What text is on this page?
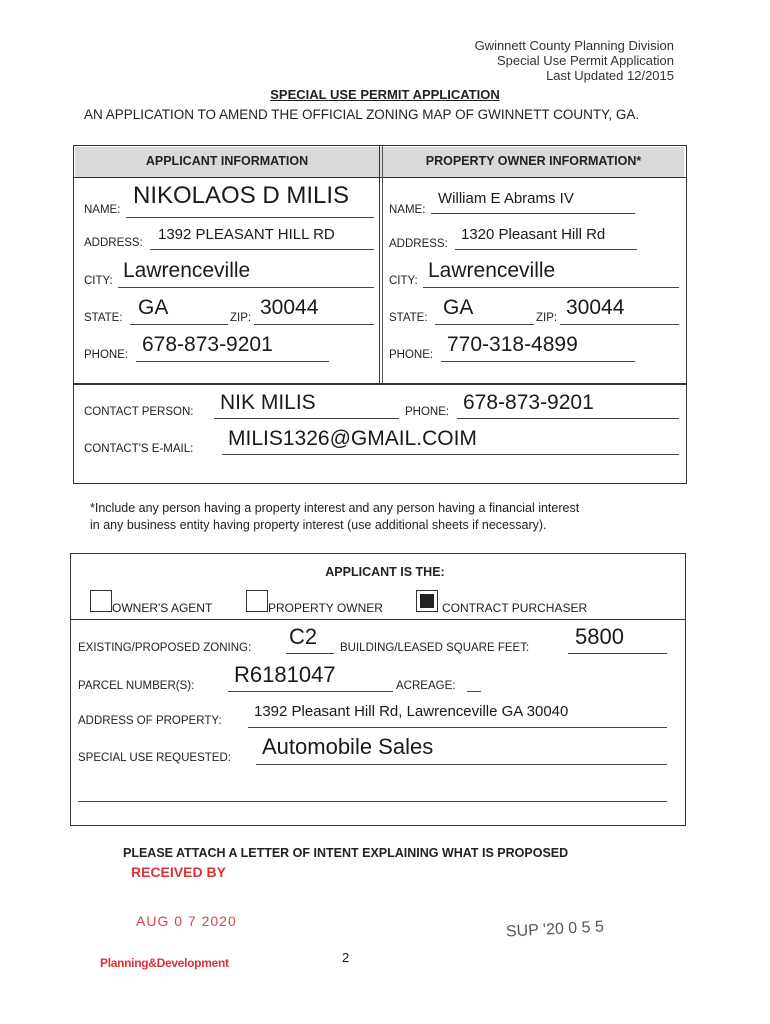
Gwinnett County Planning Division
Special Use Permit Application
Last Updated 12/2015
SPECIAL USE PERMIT APPLICATION
AN APPLICATION TO AMEND THE OFFICIAL ZONING MAP OF GWINNETT COUNTY, GA.
APPLICANT INFORMATION	PROPERTY OWNER INFORMATION*
NAME:
NIKOLAOS D MILIS
ADDRESS: 1392 PLEASANT HILL RD
CITY: Lawrenceville
STATE: GA	ZIP: 30044
PHONE: 678-873-9201
NAME:
William E Abrams IV
ADDRESS:
1320 Pleasant Hill Rd
CITY: Lawrenceville
STATE: GA	ZIP: 30044
PHONE: 770-318-4899
CONTACT PERSON: NIK MILIS	PHONE: 678-873-9201
CONTACT'S E-MAIL: MILIS1326@GMAIL.COIM
*Include any person having a property interest and any person having a financial interest
in any business entity having property interest (use additional sheets if necessary).
APPLICANT IS THE:
OWNER'S AGENT	PROPERTY OWNER	CONTRACT PURCHASER
EXISTING/PROPOSED ZONING: C2 BUILDING/LEASED SQUARE FEET: 5800
PARCEL NUMBER(S): R6181047	ACREAGE:
ADDRESS OF PROPERTY:
1392 Pleasant Hill Rd, Lawrenceville GA 30040
SPECIAL USE REQUESTED: Automobile Sales
PLEASE ATTACH A LETTER OF INTENT EXPLAINING WHAT IS PROPOSED
RECEIVED BY
AUG 0 7 2020
Planning&Development
SUP '20 0 5 5
2
